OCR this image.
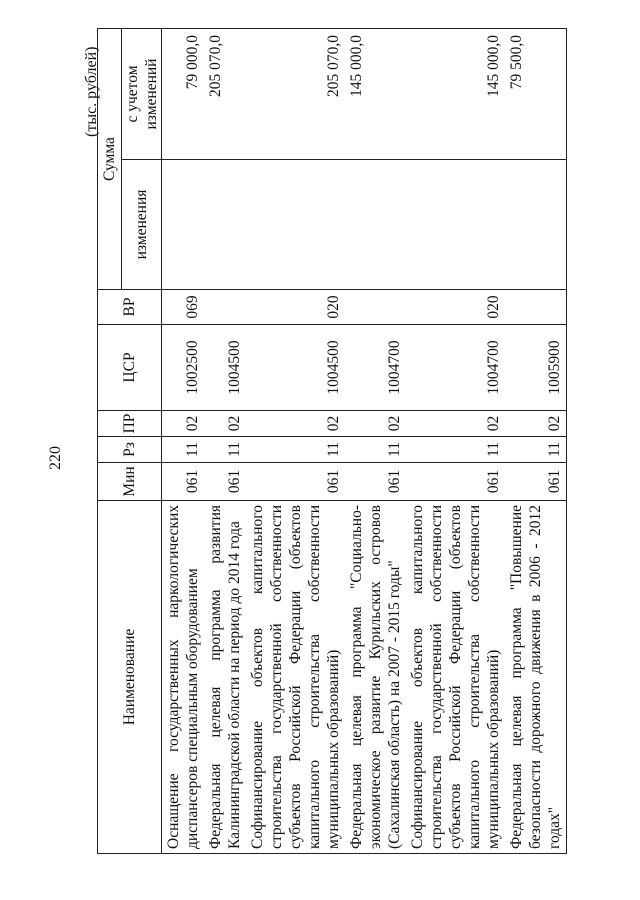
220
(тыс. рублей)
Наименование	Мин	Рз	ПР	ЦСР	ВР	Сумма	
						изменения	с учетом изменений
Оснащение государственных наркологических диспансеров специальным оборудованием	061	11	02	1002500	069		79 000,0
Федеральная целевая программа развития Калининградской области на период до 2014 года	061	11	02	1004500			205 070,0
Софинансирование объектов капитального строительства государственной собственности субъектов Российской Федерации (объектов капитального строительства собственности муниципальных образований)	061	11	02	1004500	020		205 070,0
Федеральная целевая программа "Социально-экономическое развитие Курильских островов (Сахалинская область) на 2007 - 2015 годы"	061	11	02	1004700			145 000,0
Софинансирование объектов капитального строительства государственной собственности субъектов Российской Федерации (объектов капитального строительства собственности муниципальных образований)	061	11	02	1004700	020		145 000,0
Федеральная целевая программа "Повышение безопасности дорожного движения в 2006 - 2012 годах"	061	11	02	1005900			79 500,0
